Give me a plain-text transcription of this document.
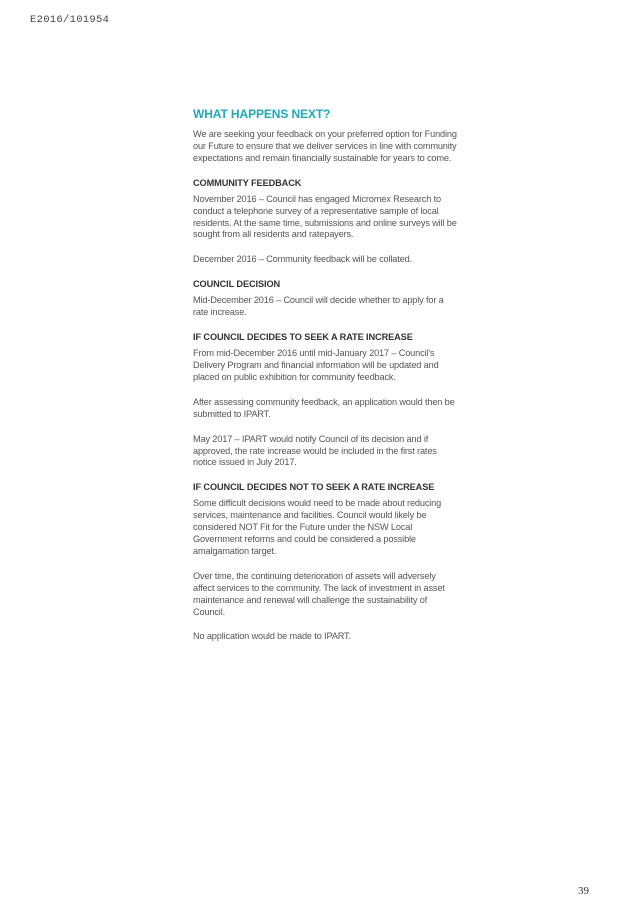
E2016/101954
WHAT HAPPENS NEXT?

We are seeking your feedback on your preferred option for Funding our Future to ensure that we deliver services in line with community expectations and remain financially sustainable for years to come.

COMMUNITY FEEDBACK

November 2016 – Council has engaged Micromex Research to conduct a telephone survey of a representative sample of local residents. At the same time, submissions and online surveys will be sought from all residents and ratepayers.

December 2016 – Community feedback will be collated.

COUNCIL DECISION

Mid-December 2016 – Council will decide whether to apply for a rate increase.

IF COUNCIL DECIDES TO SEEK A RATE INCREASE

From mid-December 2016 until mid-January 2017 – Council's Delivery Program and financial information will be updated and placed on public exhibition for community feedback.

After assessing community feedback, an application would then be submitted to IPART.

May 2017 – IPART would notify Council of its decision and if approved, the rate increase would be included in the first rates notice issued in July 2017.

IF COUNCIL DECIDES NOT TO SEEK A RATE INCREASE

Some difficult decisions would need to be made about reducing services, maintenance and facilities. Council would likely be considered NOT Fit for the Future under the NSW Local Government reforms and could be considered a possible amalgamation target.

Over time, the continuing deterioration of assets will adversely affect services to the community. The lack of investment in asset maintenance and renewal will challenge the sustainability of Council.

No application would be made to IPART.

39
